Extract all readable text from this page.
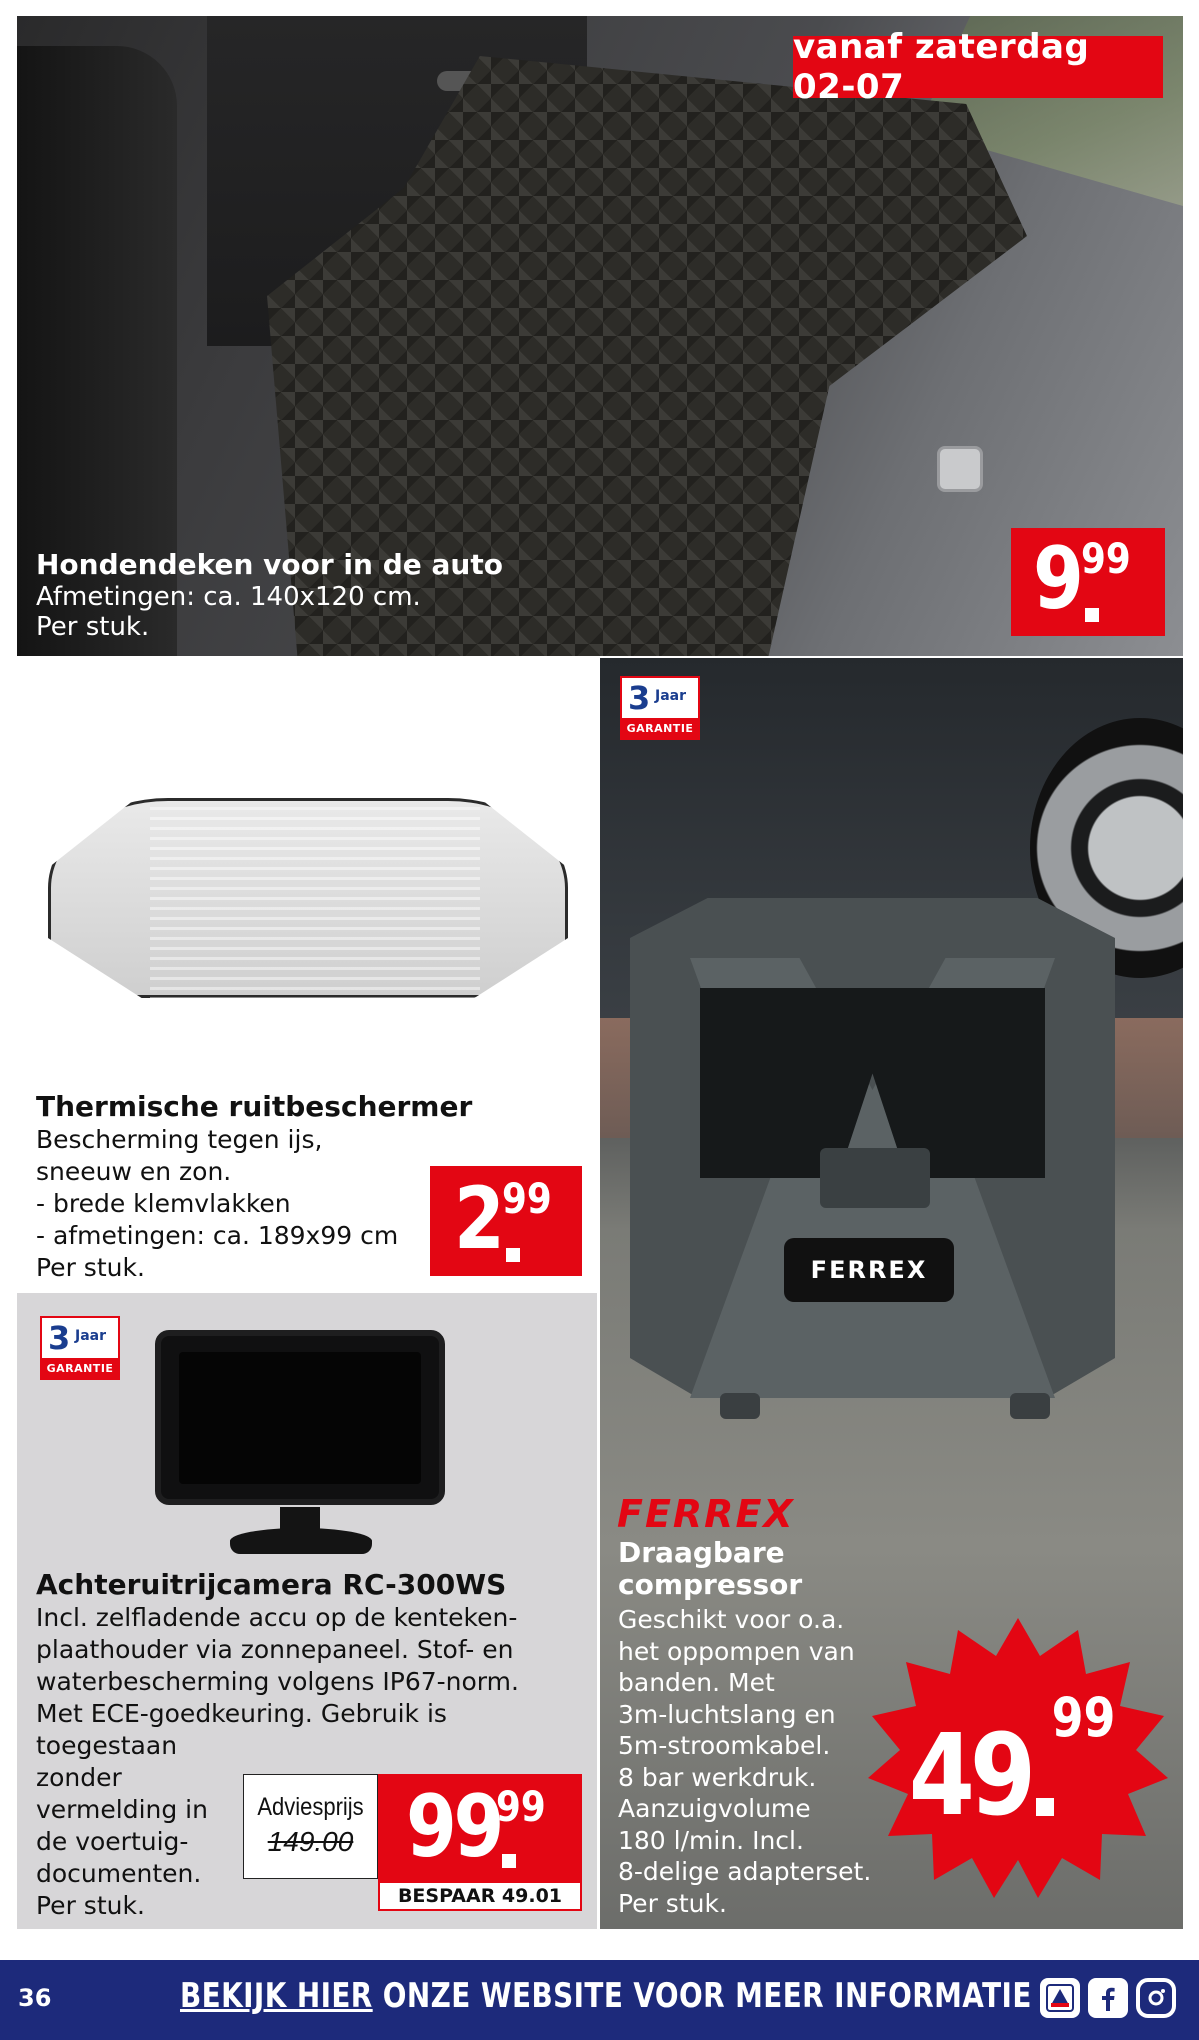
vanaf zaterdag 02-07
Hondendeken voor in de auto
Afmetingen: ca. 140x120 cm.
Per stuk.	9 99
Thermische ruitbeschermer
Bescherming tegen ijs,
sneeuw en zon.
- brede klemvlakken
- afmetingen: ca. 189x99 cm
Per stuk.	2 99
FERREX
3 Jaar
GARANTIE
FERREX
Draagbare
compressor
Geschikt voor o.a.
het oppompen van
banden. Met
3m-luchtslang en
5m-stroomkabel.
8 bar werkdruk.
Aanzuigvolume
180 l/min. Incl.
8-delige adapterset.
Per stuk.
49 99
3 Jaar
GARANTIE
Achteruitrijcamera RC-300WS
Incl. zelfladende accu op de kenteken-
plaathouder via zonnepaneel. Stof- en
waterbescherming volgens IP67-norm.
Met ECE-goedkeuring. Gebruik is
toegestaan
zonder
vermelding in
de voertuig-
documenten.
Per stuk.
Adviesprijs
149.00 99
99
BESPAAR 49.01
36	BEKIJK HIER ONZE WEBSITE VOOR MEER INFORMATIE
